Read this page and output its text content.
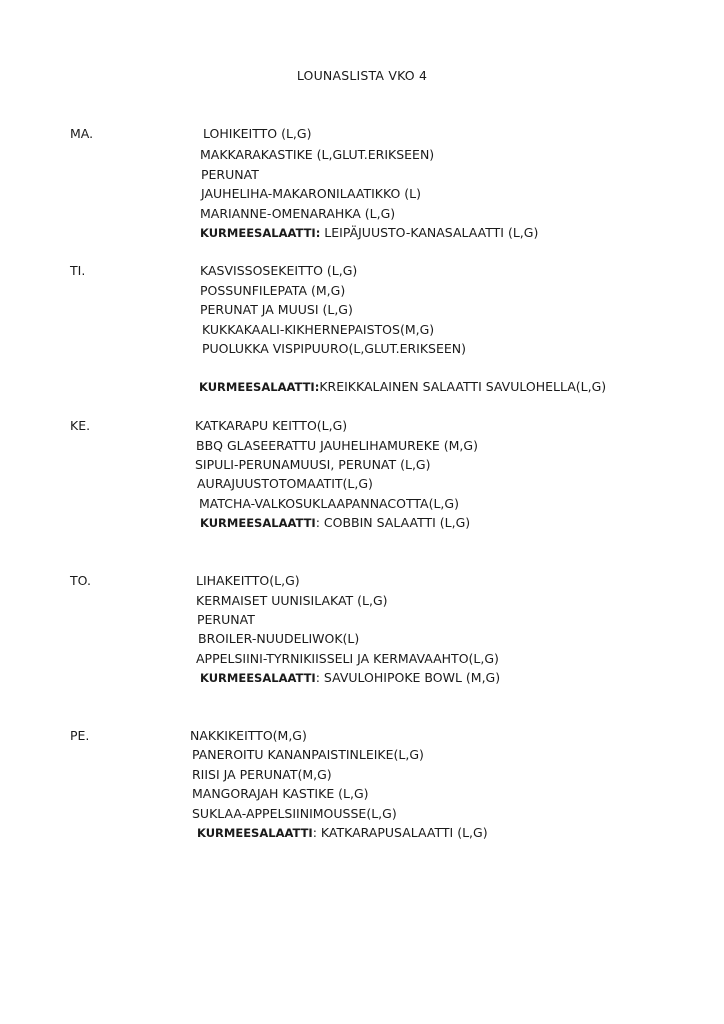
LOUNASLISTA VKO 4
MA.	LOHIKEITTO (L,G)
MAKKARAKASTIKE (L,GLUT.ERIKSEEN)
PERUNAT
JAUHELIHA-MAKARONILAATIKKO (L)
MARIANNE-OMENARAHKA (L,G)
KURMEESALAATTI: LEIPÄJUUSTO-KANASALAATTI (L,G)
TI.	KASVISSOSEKEITTO (L,G)
POSSUNFILEPATA (M,G)
PERUNAT JA MUUSI (L,G)
KUKKAKAALI-KIKHERNEPAISTOS(M,G)
PUOLUKKA VISPIPUURO(L,GLUT.ERIKSEEN)
KURMEESALAATTI:KREIKKALAINEN SALAATTI SAVULOHELLA(L,G)
KE.	KATKARAPU KEITTO(L,G)
BBQ GLASEERATTU JAUHELIHAMUREKE (M,G)
SIPULI-PERUNAMUUSI, PERUNAT (L,G)
AURAJUUSTOTOMAATIT(L,G)
MATCHA-VALKOSUKLAAPANNACOTTA(L,G)
KURMEESALAATTI: COBBIN SALAATTI (L,G)
TO.	LIHAKEITTO(L,G)
KERMAISET UUNISILAKAT (L,G)
PERUNAT
BROILER-NUUDELIWOK(L)
APPELSIINI-TYRNIKIISSELI JA KERMAVAAHTO(L,G)
KURMEESALAATTI: SAVULOHIPOKE BOWL (M,G)
PE.	NAKKIKEITTO(M,G)
PANEROITU KANANPAISTINLEIKE(L,G)
RIISI JA PERUNAT(M,G)
MANGORAJAH KASTIKE (L,G)
SUKLAA-APPELSIINIMOUSSE(L,G)
KURMEESALAATTI: KATKARAPUSALAATTI (L,G)
